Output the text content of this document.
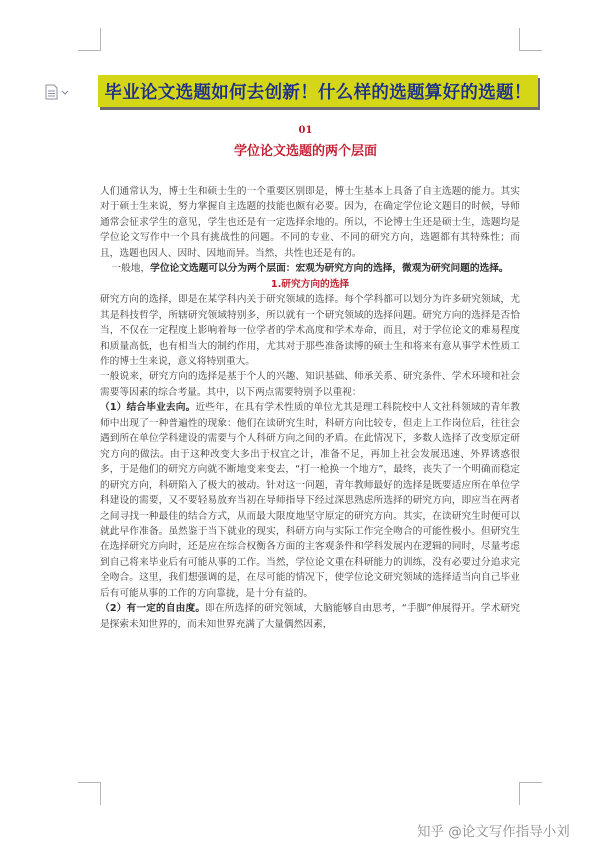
毕业论文选题如何去创新！什么样的选题算好的选题！
01
学位论文选题的两个层面

人们通常认为，博士生和硕士生的一个重要区别即是，博士生基本上具备了自主选题的能力。其实对于硕士生来说，努力掌握自主选题的技能也颇有必要。因为，在确定学位论文题目的时候，导师通常会征求学生的意见，学生也还是有一定选择余地的。所以，不论博士生还是硕士生，选题均是学位论文写作中一个具有挑战性的问题。不同的专业、不同的研究方向，选题都有其特殊性；而且，选题也因人、因时、因地而异。当然，共性也还是有的。

一般地，学位论文选题可以分为两个层面：宏观为研究方向的选择，微观为研究问题的选择。

1.研究方向的选择

研究方向的选择，即是在某学科内关于研究领域的选择。每个学科都可以划分为许多研究领域，尤其是科技哲学，所辖研究领域特别多，所以就有一个研究领域的选择问题。研究方向的选择是否恰当，不仅在一定程度上影响着每一位学者的学术高度和学术寿命，而且，对于学位论文的难易程度和质量高低，也有相当大的制约作用，尤其对于那些准备读博的硕士生和将来有意从事学术性质工作的博士生来说，意义将特别重大。

一般说来，研究方向的选择是基于个人的兴趣、知识基础、师承关系、研究条件、学术环境和社会需要等因素的综合考量。其中，以下两点需要特别予以重视：

（1）结合毕业去向。近些年，在具有学术性质的单位尤其是理工科院校中人文社科领域的青年教师中出现了一种普遍性的现象：他们在读研究生时，科研方向比较专，但走上工作岗位后，往往会遇到所在单位学科建设的需要与个人科研方向之间的矛盾。在此情况下，多数人选择了改变原定研究方向的做法。由于这种改变大多出于权宜之计，准备不足，再加上社会发展迅速、外界诱惑很多，于是他们的研究方向就不断地变来变去，“打一枪换一个地方”，最终，丧失了一个明确而稳定的研究方向，科研陷入了极大的被动。针对这一问题，青年教师最好的选择是既要适应所在单位学科建设的需要，又不要轻易放弃当初在导师指导下经过深思熟虑所选择的研究方向，即应当在两者之间寻找一种最佳的结合方式，从而最大限度地坚守原定的研究方向。其实，在读研究生时便可以就此早作准备。虽然鉴于当下就业的现实，科研方向与实际工作完全吻合的可能性极小。但研究生在选择研究方向时，还是应在综合权衡各方面的主客观条件和学科发展内在逻辑的同时，尽量考虑到自己将来毕业后有可能从事的工作。当然，学位论文重在科研能力的训练，没有必要过分追求完全吻合。这里，我们想强调的是，在尽可能的情况下，使学位论文研究领域的选择适当向自己毕业后有可能从事的工作的方向靠拢，是十分有益的。

（2）有一定的自由度。即在所选择的研究领域，大脑能够自由思考，“手脚”伸展得开。学术研究是探索未知世界的，而未知世界充满了大量偶然因素，

知乎 @论文写作指导小刘
